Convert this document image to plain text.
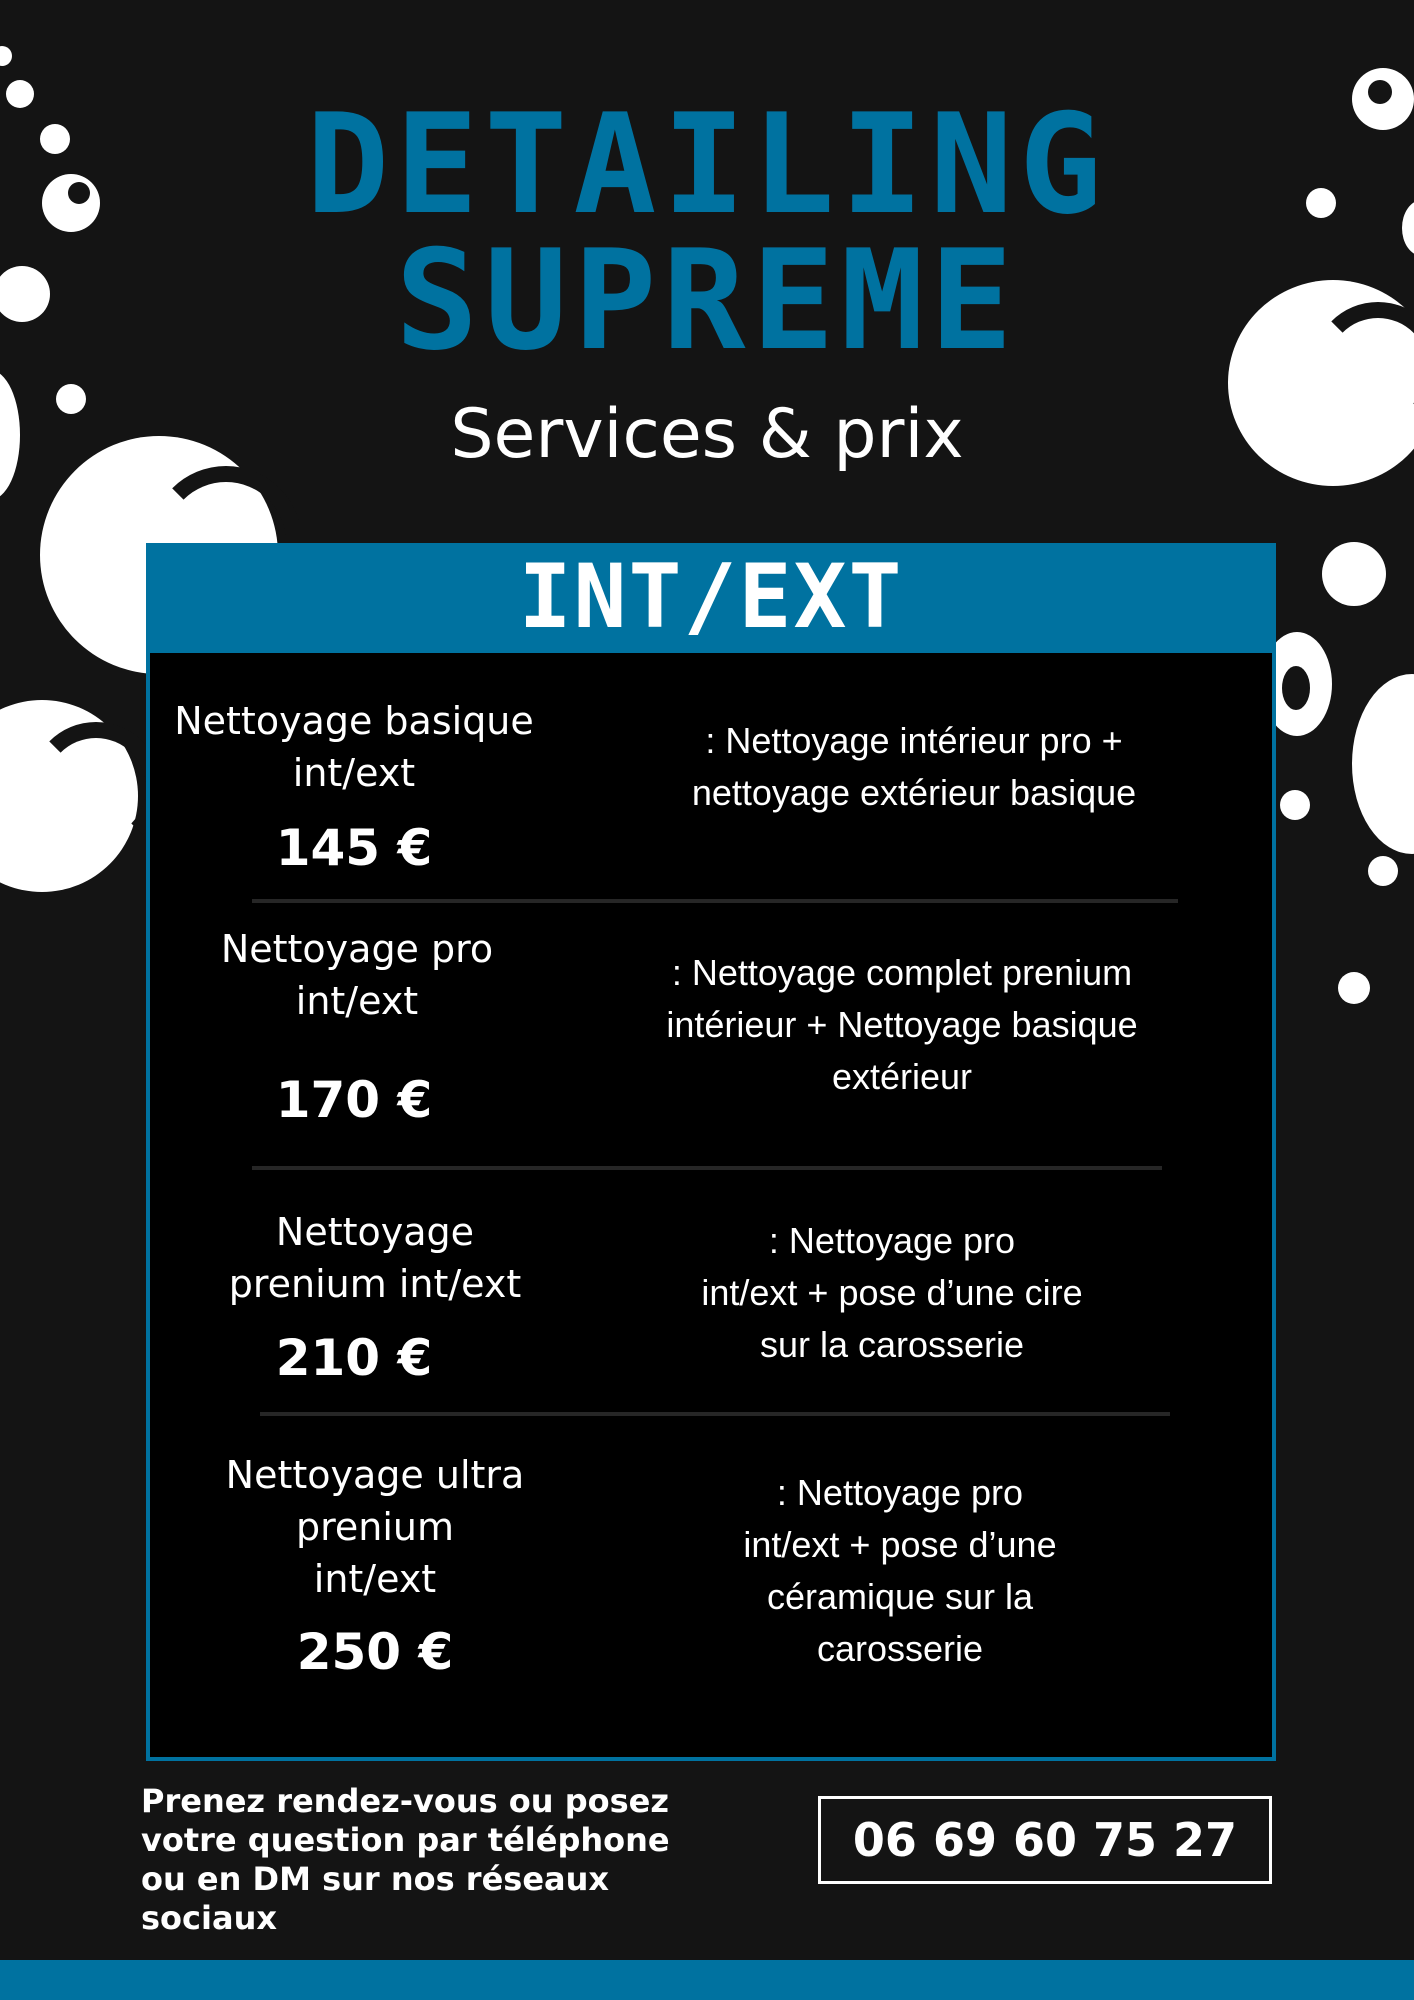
DETAILING
SUPREME
Services & prix
INT/EXT
Nettoyage basique
int/ext
145 €
: Nettoyage intérieur pro +
nettoyage extérieur basique
Nettoyage pro
int/ext
170 €
: Nettoyage complet prenium
intérieur + Nettoyage basique
extérieur
Nettoyage
prenium int/ext
210 €
: Nettoyage pro
int/ext + pose d’une cire
sur la carosserie
Nettoyage ultra
prenium
int/ext
250 €
: Nettoyage pro
int/ext + pose d’une
céramique sur la
carosserie
Prenez rendez-vous ou posez
votre question par téléphone
ou en DM sur nos réseaux
sociaux
06 69 60 75 27
